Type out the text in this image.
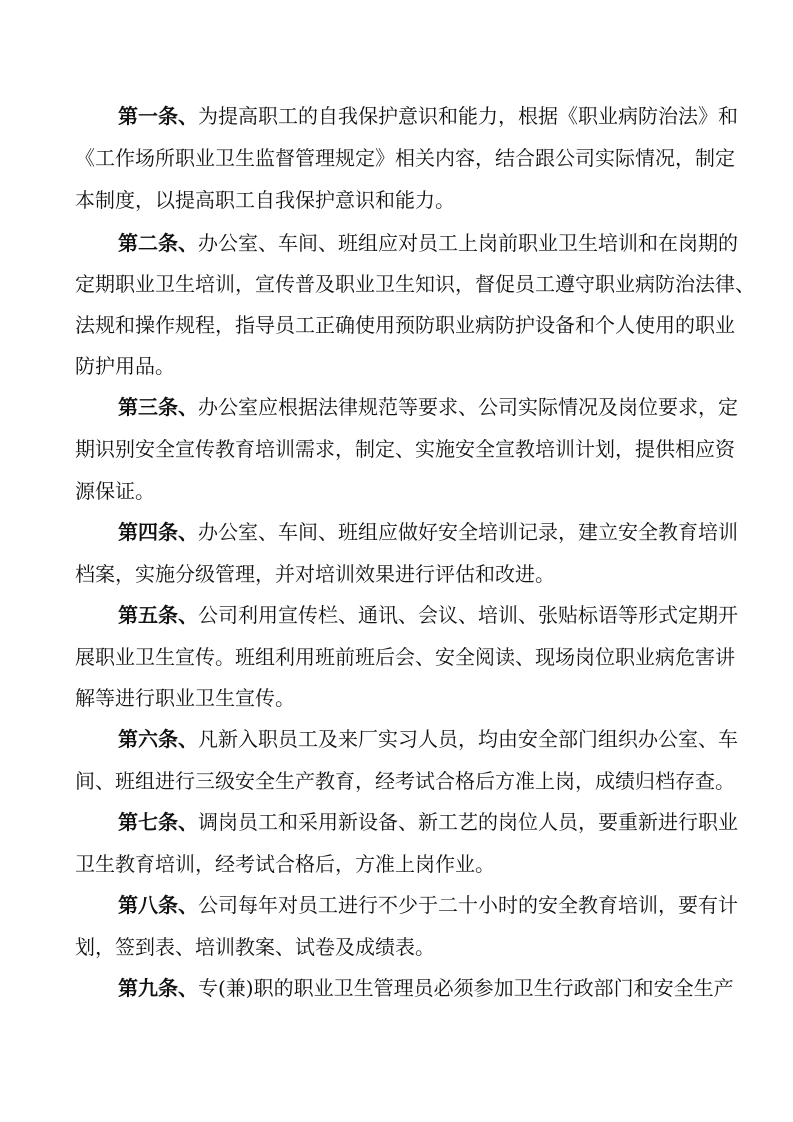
第一条、为提高职工的自我保护意识和能力，根据《职业病防治法》和
《工作场所职业卫生监督管理规定》相关内容，结合跟公司实际情况，制定
本制度，以提高职工自我保护意识和能力。
第二条、办公室、车间、班组应对员工上岗前职业卫生培训和在岗期的
定期职业卫生培训，宣传普及职业卫生知识，督促员工遵守职业病防治法律、
法规和操作规程，指导员工正确使用预防职业病防护设备和个人使用的职业
防护用品。
第三条、办公室应根据法律规范等要求、公司实际情况及岗位要求，定
期识别安全宣传教育培训需求，制定、实施安全宣教培训计划，提供相应资
源保证。
第四条、办公室、车间、班组应做好安全培训记录，建立安全教育培训
档案，实施分级管理，并对培训效果进行评估和改进。
第五条、公司利用宣传栏、通讯、会议、培训、张贴标语等形式定期开
展职业卫生宣传。班组利用班前班后会、安全阅读、现场岗位职业病危害讲
解等进行职业卫生宣传。
第六条、凡新入职员工及来厂实习人员，均由安全部门组织办公室、车
间、班组进行三级安全生产教育，经考试合格后方准上岗，成绩归档存查。
第七条、调岗员工和采用新设备、新工艺的岗位人员，要重新进行职业
卫生教育培训，经考试合格后，方准上岗作业。
第八条、公司每年对员工进行不少于二十小时的安全教育培训，要有计
划，签到表、培训教案、试卷及成绩表。
第九条、专(兼)职的职业卫生管理员必须参加卫生行政部门和安全生产
